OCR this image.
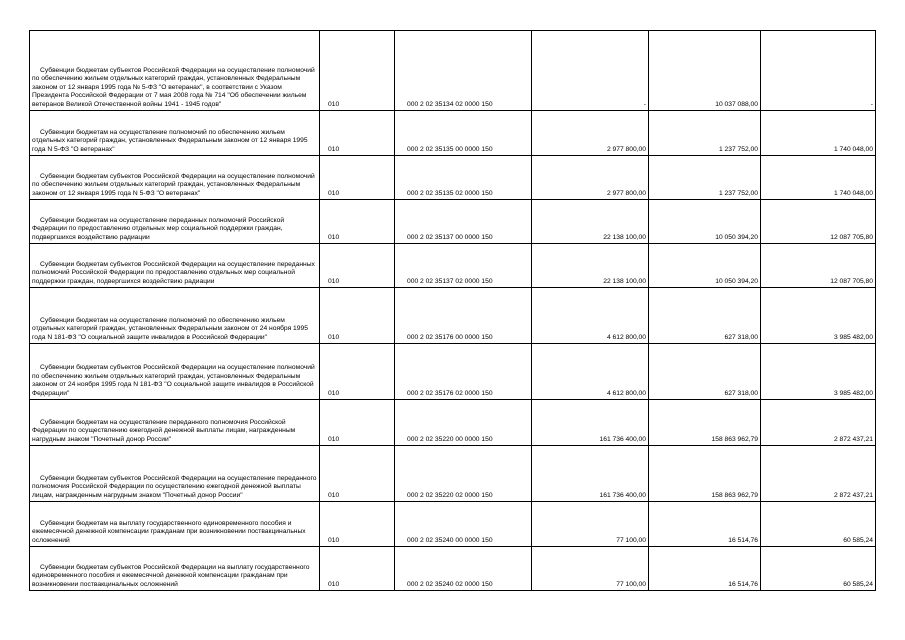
Субвенции бюджетам субъектов Российской Федерации на осуществление полномочий по обеспечению жильем отдельных категорий граждан, установленных Федеральным законом от 12 января 1995 года № 5-ФЗ "О ветеранах", в соответствии с Указом Президента Российской Федерации от 7 мая 2008 года № 714 "Об обеспечении жильем ветеранов Великой Отечественной войны 1941 - 1945 годов"	010	000 2 02 35134 02 0000 150	-	10 037 088,00	-

Субвенции бюджетам на осуществление полномочий по обеспечению жильем отдельных категорий граждан, установленных Федеральным законом от 12 января 1995 года N 5-ФЗ "О ветеранах"	010	000 2 02 35135 00 0000 150	2 977 800,00	1 237 752,00	1 740 048,00

Субвенции бюджетам субъектов Российской Федерации на осуществление полномочий по обеспечению жильем отдельных категорий граждан, установленных Федеральным законом от 12 января 1995 года N 5-ФЗ "О ветеранах"	010	000 2 02 35135 02 0000 150	2 977 800,00	1 237 752,00	1 740 048,00

Субвенции бюджетам на осуществление переданных полномочий Российской Федерации по предоставлению отдельных мер социальной поддержки граждан, подвергшихся воздействию радиации	010	000 2 02 35137 00 0000 150	22 138 100,00	10 050 394,20	12 087 705,80

Субвенции бюджетам субъектов Российской Федерации на осуществление переданных полномочий Российской Федерации по предоставлению отдельных мер социальной поддержки граждан, подвергшихся воздействию радиации	010	000 2 02 35137 02 0000 150	22 138 100,00	10 050 394,20	12 087 705,80

Субвенции бюджетам на осуществление полномочий по обеспечению жильем отдельных категорий граждан, установленных Федеральным законом от 24 ноября 1995 года N 181-ФЗ "О социальной защите инвалидов в Российской Федерации"	010	000 2 02 35176 00 0000 150	4 612 800,00	627 318,00	3 985 482,00

Субвенции бюджетам субъектов Российской Федерации на осуществление полномочий по обеспечению жильем отдельных категорий граждан, установленных Федеральным законом от 24 ноября 1995 года N 181-ФЗ "О социальной защите инвалидов в Российской Федерации"	010	000 2 02 35176 02 0000 150	4 612 800,00	627 318,00	3 985 482,00

Субвенции бюджетам на осуществление переданного полномочия Российской Федерации по осуществлению ежегодной денежной выплаты лицам, награжденным нагрудным знаком "Почетный донор России"	010	000 2 02 35220 00 0000 150	161 736 400,00	158 863 962,79	2 872 437,21

Субвенции бюджетам субъектов Российской Федерации на осуществление переданного полномочия Российской Федерации по осуществлению ежегодной денежной выплаты лицам, награжденным нагрудным знаком "Почетный донор России"	010	000 2 02 35220 02 0000 150	161 736 400,00	158 863 962,79	2 872 437,21

Субвенции бюджетам на выплату государственного единовременного пособия и ежемесячной денежной компенсации гражданам при возникновении поствакцинальных осложнений	010	000 2 02 35240 00 0000 150	77 100,00	16 514,76	60 585,24

Субвенции бюджетам субъектов Российской Федерации на выплату государственного единовременного пособия и ежемесячной денежной компенсации гражданам при возникновении поствакцинальных осложнений	010	000 2 02 35240 02 0000 150	77 100,00	16 514,76	60 585,24
